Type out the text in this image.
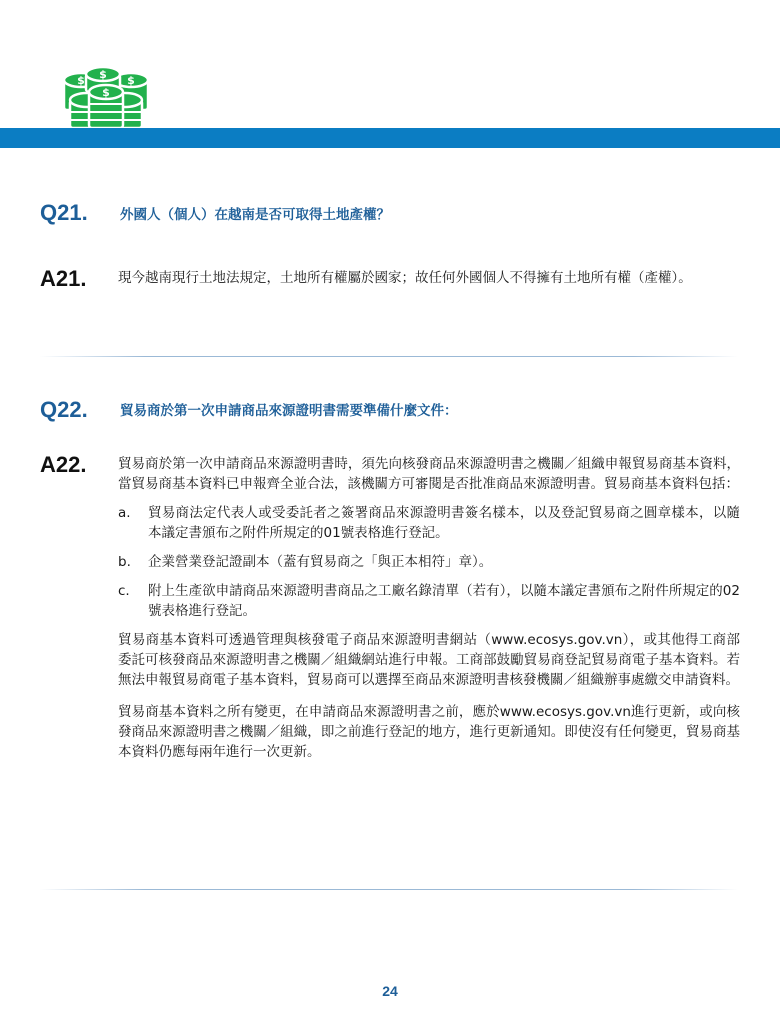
$	$
$
$
Q21. 外國人（個人）在越南是否可取得土地產權？
A21. 現今越南現行土地法規定，土地所有權屬於國家；故任何外國個人不得擁有土地所有權（產權）。

Q22. 貿易商於第一次申請商品來源證明書需要準備什麼文件：
A22. 貿易商於第一次申請商品來源證明書時，須先向核發商品來源證明書之機關／組織申報貿易商基本資料，當貿易商基本資料已申報齊全並合法，該機關方可審閱是否批准商品來源證明書。貿易商基本資料包括：

a.	貿易商法定代表人或受委託者之簽署商品來源證明書簽名樣本，以及登記貿易商之圓章樣本，以隨本議定書頒布之附件所規定的01號表格進行登記。
b.	企業營業登記證副本（蓋有貿易商之「與正本相符」章）。
c.	附上生產欲申請商品來源證明書商品之工廠名錄清單（若有），以隨本議定書頒布之附件所規定的02號表格進行登記。

貿易商基本資料可透過管理與核發電子商品來源證明書網站（www.ecosys.gov.vn），或其他得工商部委託可核發商品來源證明書之機關／組織網站進行申報。工商部鼓勵貿易商登記貿易商電子基本資料。若無法申報貿易商電子基本資料，貿易商可以選擇至商品來源證明書核發機關／組織辦事處繳交申請資料。

貿易商基本資料之所有變更，在申請商品來源證明書之前，應於www.ecosys.gov.vn進行更新，或向核發商品來源證明書之機關／組織，即之前進行登記的地方，進行更新通知。即使沒有任何變更，貿易商基本資料仍應每兩年進行一次更新。

24
